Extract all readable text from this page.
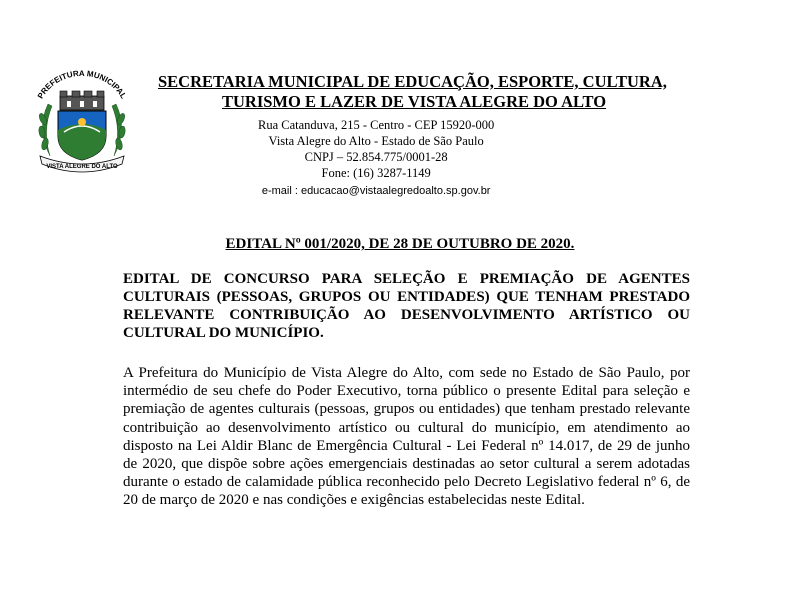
PREFEITURA MUNICIPAL
VISTA ALEGRE DO ALTO
SECRETARIA MUNICIPAL DE EDUCAÇÃO, ESPORTE, CULTURA,
TURISMO E LAZER DE VISTA ALEGRE DO ALTO
Rua Catanduva, 215 - Centro - CEP 15920-000
Vista Alegre do Alto - Estado de São Paulo
CNPJ – 52.854.775/0001-28
Fone: (16) 3287-1149
e-mail : educacao@vistaalegredoalto.sp.gov.br

EDITAL Nº 001/2020, DE 28 DE OUTUBRO DE 2020.

EDITAL DE CONCURSO PARA SELEÇÃO E PREMIAÇÃO DE AGENTES CULTURAIS (PESSOAS, GRUPOS OU ENTIDADES) QUE TENHAM PRESTADO RELEVANTE CONTRIBUIÇÃO AO DESENVOLVIMENTO ARTÍSTICO OU CULTURAL DO MUNICÍPIO.

A Prefeitura do Município de Vista Alegre do Alto, com sede no Estado de São Paulo, por intermédio de seu chefe do Poder Executivo, torna público o presente Edital para seleção e premiação de agentes culturais (pessoas, grupos ou entidades) que tenham prestado relevante contribuição ao desenvolvimento artístico ou cultural do município, em atendimento ao disposto na Lei Aldir Blanc de Emergência Cultural - Lei Federal nº 14.017, de 29 de junho de 2020, que dispõe sobre ações emergenciais destinadas ao setor cultural a serem adotadas durante o estado de calamidade pública reconhecido pelo Decreto Legislativo federal nº 6, de 20 de março de 2020 e nas condições e exigências estabelecidas neste Edital.
